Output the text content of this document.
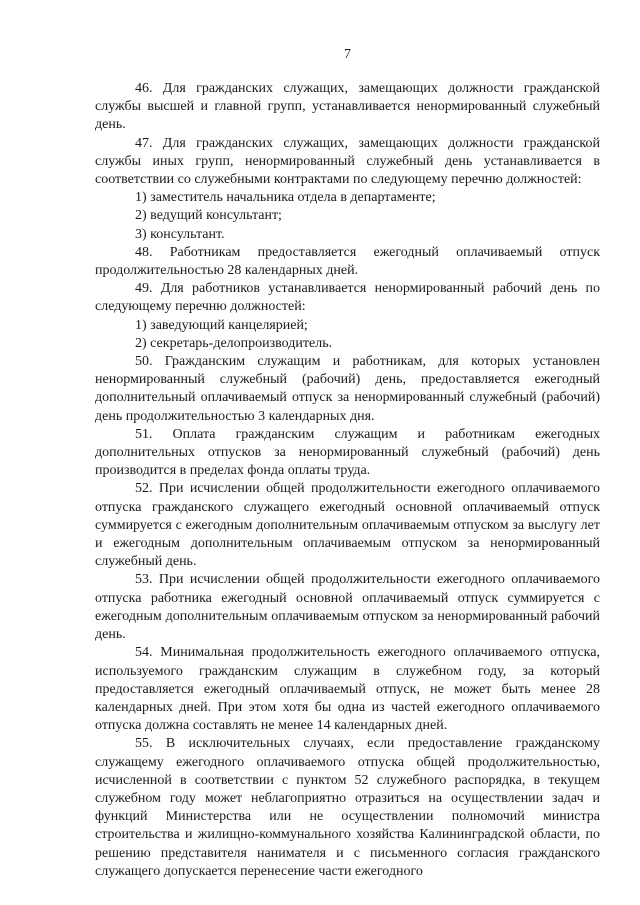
7

46. Для гражданских служащих, замещающих должности гражданской службы высшей и главной групп, устанавливается ненормированный служебный день.

47. Для гражданских служащих, замещающих должности гражданской службы иных групп, ненормированный служебный день устанавливается в соответствии со служебными контрактами по следующему перечню должностей:

1) заместитель начальника отдела в департаменте;

2) ведущий консультант;

3) консультант.

48. Работникам предоставляется ежегодный оплачиваемый отпуск продолжительностью 28 календарных дней.

49. Для работников устанавливается ненормированный рабочий день по следующему перечню должностей:

1) заведующий канцелярией;

2) секретарь-делопроизводитель.

50. Гражданским служащим и работникам, для которых установлен ненормированный служебный (рабочий) день, предоставляется ежегодный дополнительный оплачиваемый отпуск за ненормированный служебный (рабочий) день продолжительностью 3 календарных дня.

51. Оплата гражданским служащим и работникам ежегодных дополнительных отпусков за ненормированный служебный (рабочий) день производится в пределах фонда оплаты труда.

52. При исчислении общей продолжительности ежегодного оплачиваемого отпуска гражданского служащего ежегодный основной оплачиваемый отпуск суммируется с ежегодным дополнительным оплачиваемым отпуском за выслугу лет и ежегодным дополнительным оплачиваемым отпуском за ненормированный служебный день.

53. При исчислении общей продолжительности ежегодного оплачиваемого отпуска работника ежегодный основной оплачиваемый отпуск суммируется с ежегодным дополнительным оплачиваемым отпуском за ненормированный рабочий день.

54. Минимальная продолжительность ежегодного оплачиваемого отпуска, используемого гражданским служащим в служебном году, за который предоставляется ежегодный оплачиваемый отпуск, не может быть менее 28 календарных дней. При этом хотя бы одна из частей ежегодного оплачиваемого отпуска должна составлять не менее 14 календарных дней.

55. В исключительных случаях, если предоставление гражданскому служащему ежегодного оплачиваемого отпуска общей продолжительностью, исчисленной в соответствии с пунктом 52 служебного распорядка, в текущем служебном году может неблагоприятно отразиться на осуществлении задач и функций Министерства или не осуществлении полномочий министра строительства и жилищно-коммунального хозяйства Калининградской области, по решению представителя нанимателя и с письменного согласия гражданского служащего допускается перенесение части ежегодного
